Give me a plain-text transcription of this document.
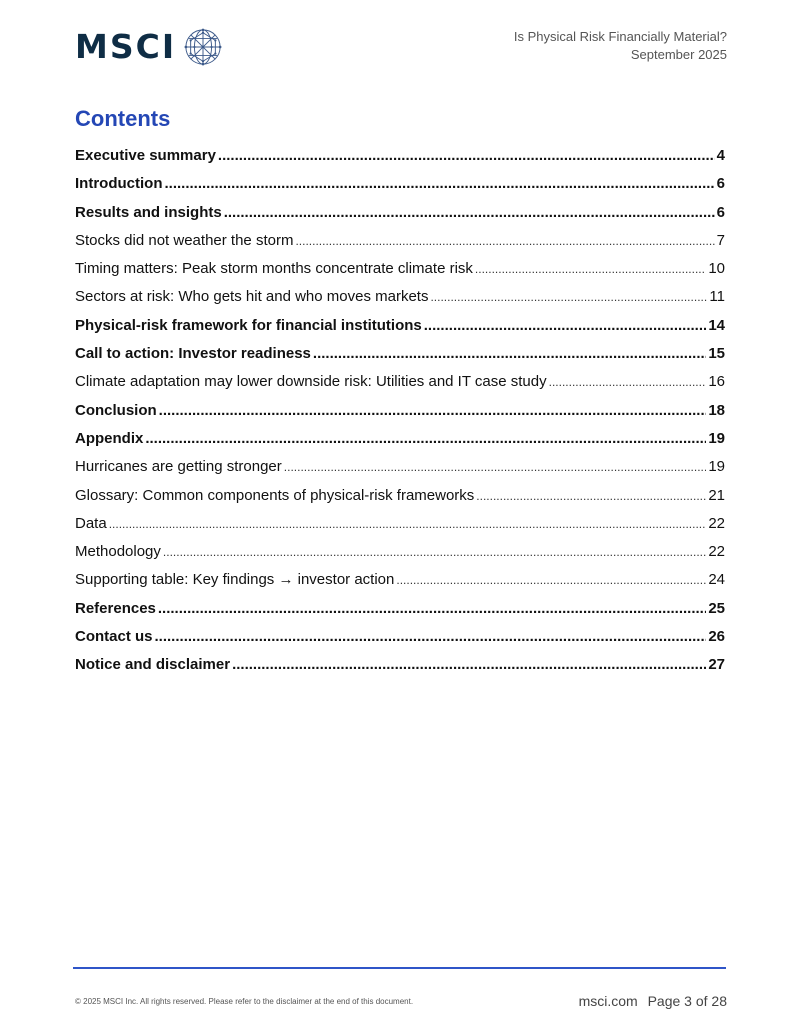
MSCI	Is Physical Risk Financially Material?
September 2025
Contents
Executive summary .....	4
Introduction .....	6
Results and insights .....	6
Stocks did not weather the storm .....	7
Timing matters: Peak storm months concentrate climate risk .....	10
Sectors at risk: Who gets hit and who moves markets .....	11
Physical-risk framework for financial institutions .....	14
Call to action: Investor readiness .....	15
Climate adaptation may lower downside risk: Utilities and IT case study .....	16
Conclusion .....	18
Appendix .....	19
Hurricanes are getting stronger .....	19
Glossary: Common components of physical-risk frameworks .....	21
Data .....	22
Methodology .....	22
Supporting table: Key findings → investor action .....	24
References .....	25
Contact us .....	26
Notice and disclaimer .....	27
© 2025 MSCI Inc. All rights reserved. Please refer to the disclaimer at the end of this document.	msci.com Page 3 of 28
